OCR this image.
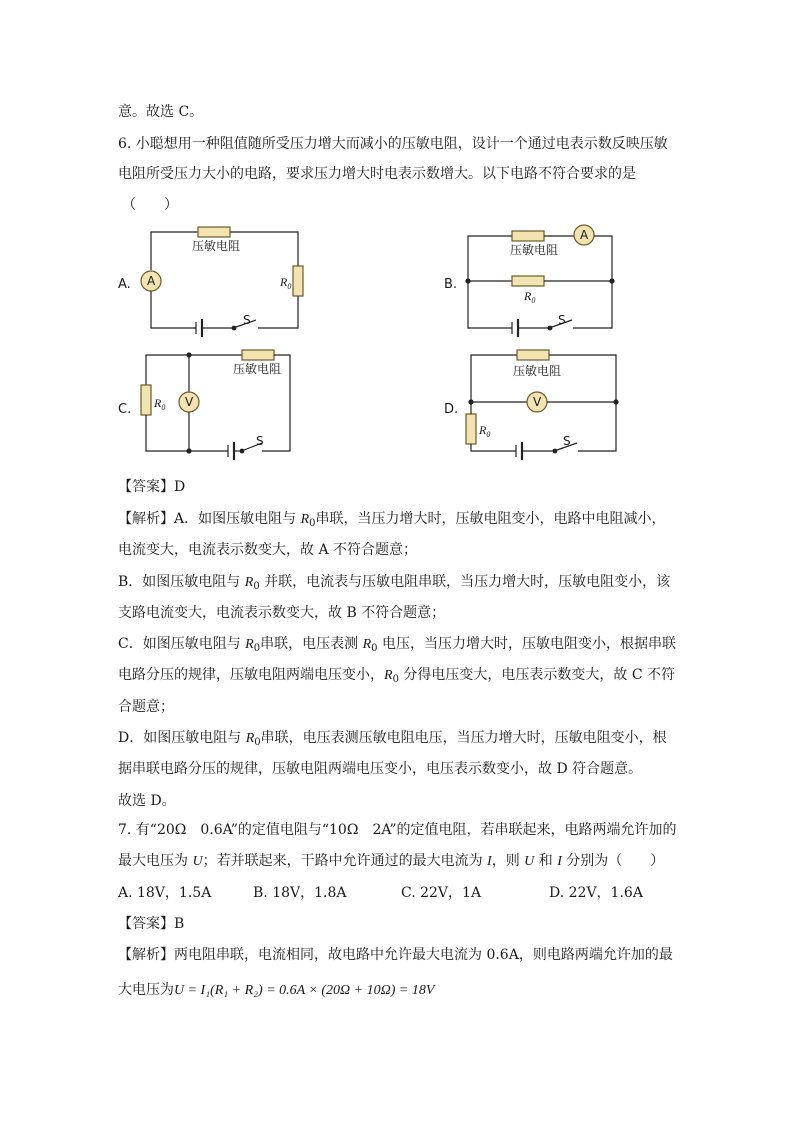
意。故选 C。
6. 小聪想用一种阻值随所受压力增大而减小的压敏电阻，设计一个通过电表示数反映压敏
电阻所受压力大小的电路，要求压力增大时电表示数增大。以下电路不符合要求的是
（　　）
A.
压敏电阻
$R_0$
A
S
B.
压敏电阻
A
$R_0$
S
C.
压敏电阻
$R_0$ V
S
D.
压敏电阻
V
$R_0$	S
【答案】D
【解析】A．如图压敏电阻与 $R_0$串联，当压力增大时，压敏电阻变小，电路中电阻减小，
电流变大，电流表示数变大，故 A 不符合题意；
B．如图压敏电阻与 $R_0$ 并联，电流表与压敏电阻串联，当压力增大时，压敏电阻变小，该
支路电流变大，电流表示数变大，故 B 不符合题意；
C．如图压敏电阻与 $R_0$串联，电压表测 $R_0$ 电压，当压力增大时，压敏电阻变小，根据串联
电路分压的规律，压敏电阻两端电压变小，$R_0$ 分得电压变大，电压表示数变大，故 C 不符
合题意；
D．如图压敏电阻与 $R_0$串联，电压表测压敏电阻电压，当压力增大时，压敏电阻变小，根
据串联电路分压的规律，压敏电阻两端电压变小，电压表示数变小，故 D 符合题意。
故选 D。
7. 有“20Ω　0.6A”的定值电阻与“10Ω　2A”的定值电阻，若串联起来，电路两端允许加的
最大电压为 U；若并联起来，干路中允许通过的最大电流为 I，则 U 和 I 分别为（　　）
A. 18V，1.5A	B. 18V，1.8A	C. 22V，1A	D. 22V，1.6A
【答案】B
【解析】两电阻串联，电流相同，故电路中允许最大电流为 0.6A，则电路两端允许加的最
大电压为U = I₁(R₁ + R₂) = 0.6A × (20Ω + 10Ω) = 18V
